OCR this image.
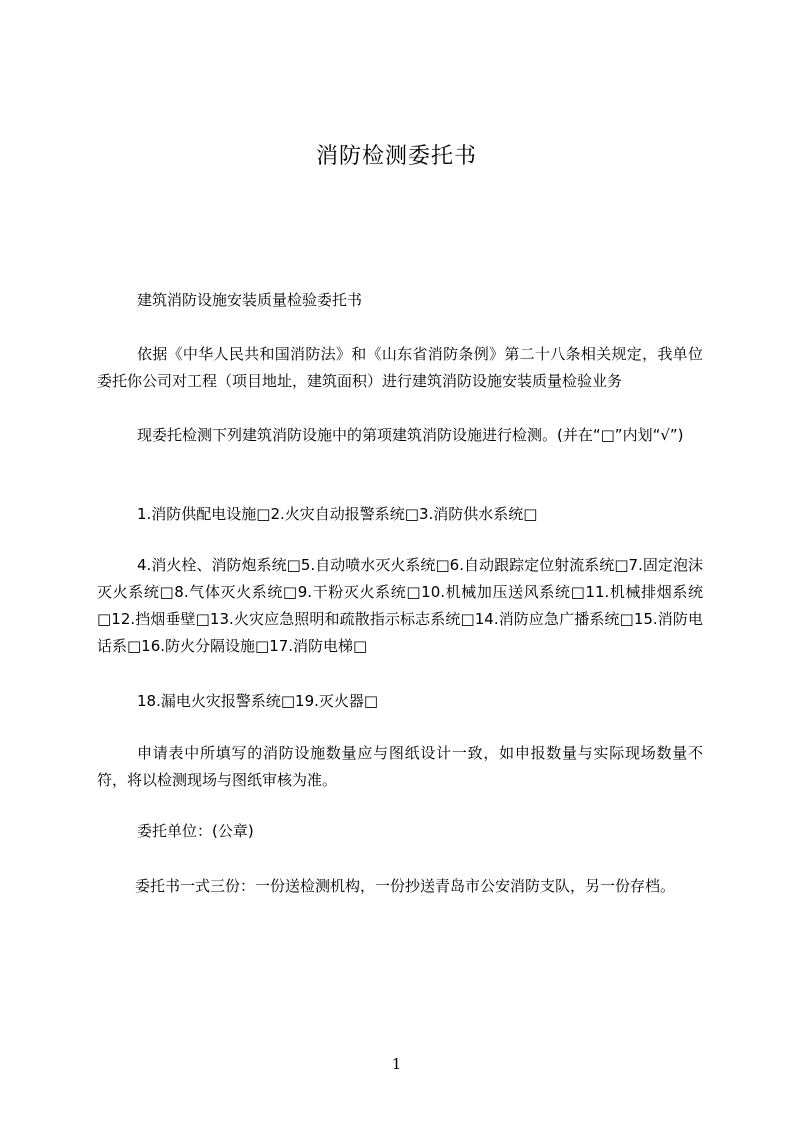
消防检测委托书

建筑消防设施安装质量检验委托书

依据《中华人民共和国消防法》和《山东省消防条例》第二十八条相关规定，我单位委托你公司对工程（项目地址，建筑面积）进行建筑消防设施安装质量检验业务

现委托检测下列建筑消防设施中的第项建筑消防设施进行检测。(并在“□”内划“√”)

1.消防供配电设施□2.火灾自动报警系统□3.消防供水系统□

4.消火栓、消防炮系统□5.自动喷水灭火系统□6.自动跟踪定位射流系统□7.固定泡沫灭火系统□8.气体灭火系统□9.干粉灭火系统□10.机械加压送风系统□11.机械排烟系统□12.挡烟垂壁□13.火灾应急照明和疏散指示标志系统□14.消防应急广播系统□15.消防电话系□16.防火分隔设施□17.消防电梯□

18.漏电火灾报警系统□19.灭火器□

申请表中所填写的消防设施数量应与图纸设计一致，如申报数量与实际现场数量不符，将以检测现场与图纸审核为准。

委托单位：(公章)

委托书一式三份：一份送检测机构，一份抄送青岛市公安消防支队，另一份存档。

1
